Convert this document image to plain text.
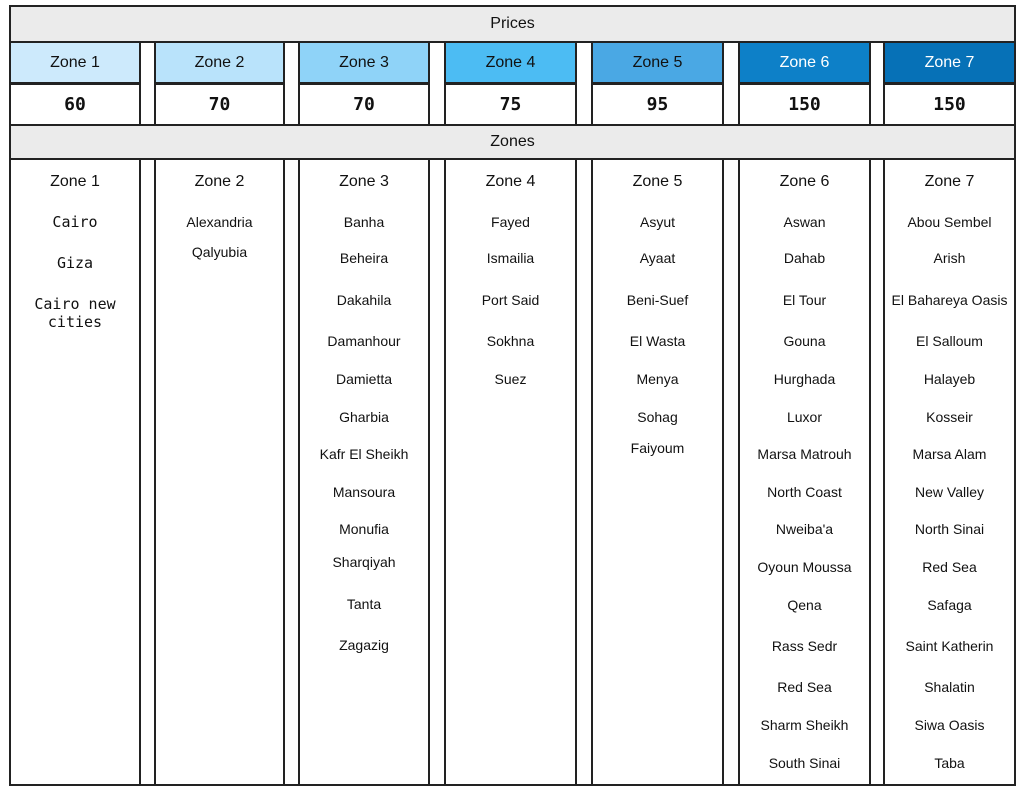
Prices
Zone 1
60
Zone 1
Cairo
Giza
Cairo new cities
Zone 2
70
Zone 2
Alexandria
Qalyubia
Zone 3
70
Zone 3
Banha
Beheira
Dakahila
Damanhour
Damietta
Gharbia
Kafr El Sheikh
Mansoura
Monufia
Sharqiyah
Tanta
Zagazig
Zone 4
75
Zone 4
Fayed
Ismailia
Port Said
Sokhna
Suez
Zone 5
95
Zone 5
Asyut
Ayaat
Beni-Suef
El Wasta
Menya
Sohag
Faiyoum
Zone 6
150
Zone 6
Aswan
Dahab
El Tour
Gouna
Hurghada
Luxor
Marsa Matrouh
North Coast
Nweiba'a
Oyoun Moussa
Qena
Rass Sedr
Red Sea
Sharm Sheikh
South Sinai
Zone 7
150
Zone 7
Abou Sembel
Arish
El Bahareya Oasis
El Salloum
Halayeb
Kosseir
Marsa Alam
New Valley
North Sinai
Red Sea
Safaga
Saint Katherin
Shalatin
Siwa Oasis
Taba
Zones
